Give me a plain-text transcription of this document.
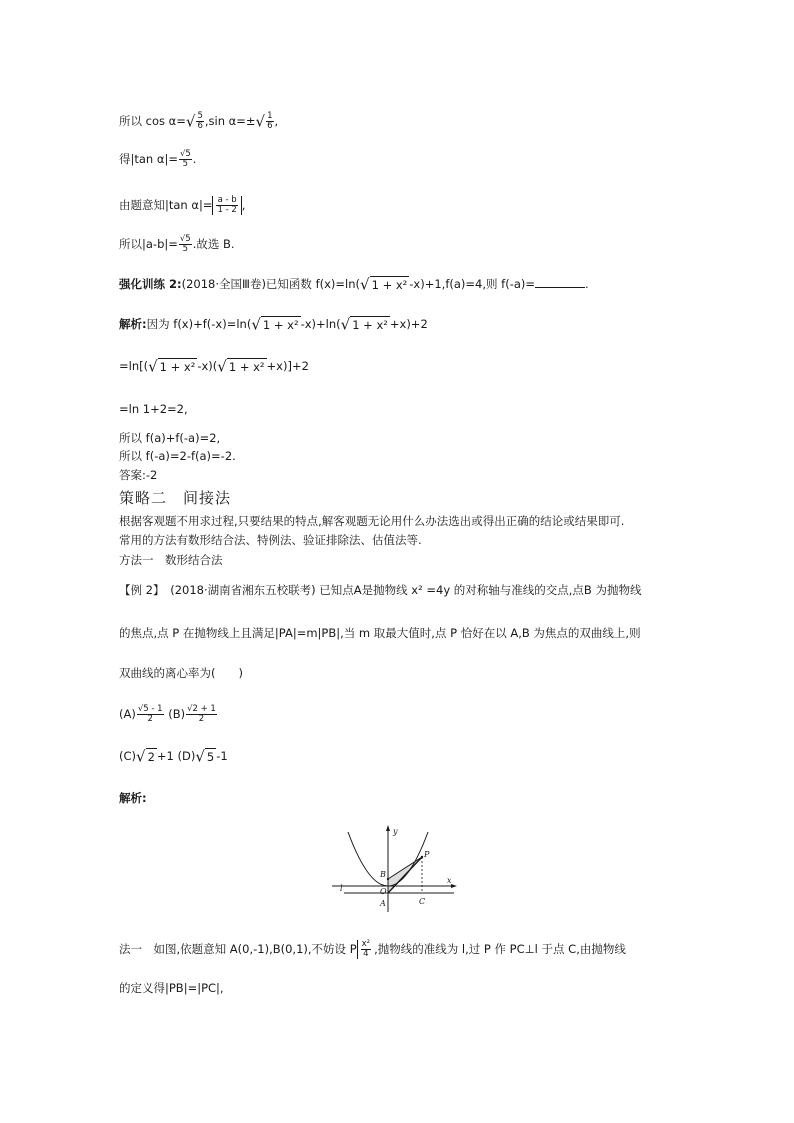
所以 $\cos \alpha=√ \frac{5}{6} ,\sin$ $\alpha=\pm√ \frac{1}{6}$ ,
得|tan $\alpha|= \frac{√5}{5}$ .
由题意知|tan $\alpha|= \frac{a - b}{1 - 2}$ ,
所以$|a-b|= \frac{√5}{5}$ .故选 B.
强化训练 2:(2018·全国Ⅲ卷)已知函数 f(x)=ln(√ 1 + x² -x)+1,f(a)=4,则 f(-a)=	.
解析:因为 f(x)+f(-x)=ln(√ 1 + x² -x)+ln(√ 1 + x² +x)+2
=ln[(√ 1 + x² -x)(√ 1 + x² +x)]+2
=ln 1+2=2,
所以 f(a)+f(-a)=2,
所以 f(-a)=2-f(a)=-2.
答案:-2
策略二　间接法
根据客观题不用求过程,只要结果的特点,解客观题无论用什么办法选出或得出正确的结论或结果即可.
常用的方法有数形结合法、特例法、验证排除法、估值法等.
方法一　数形结合法
【例 2】　(2018·湖南省湘东五校联考) 已知点A是抛物线 x² =4y 的对称轴与准线的交点,点B 为抛物线
的焦点,点 P 在抛物线上且满足|PA|=m|PB|,当 m 取最大值时,点 P 恰好在以 A,B 为焦点的双曲线上,则
双曲线的离心率为(　　)
$(A) \frac{√5 - 1}{2} (B) \frac{√2 + 1}{2}$
(C)√ 2 +1 (D)√ 5 -1
解析:
y
x
l
P
B
O
A	C
法一　如图,依题意知 A(0,-1),B(0,1),不妨设 P $\frac{\text{x²}}{4}$ ,抛物线的准线为 l,过 P 作 PC⊥l 于点 C,由抛物线
的定义得|PB|=|PC|,
